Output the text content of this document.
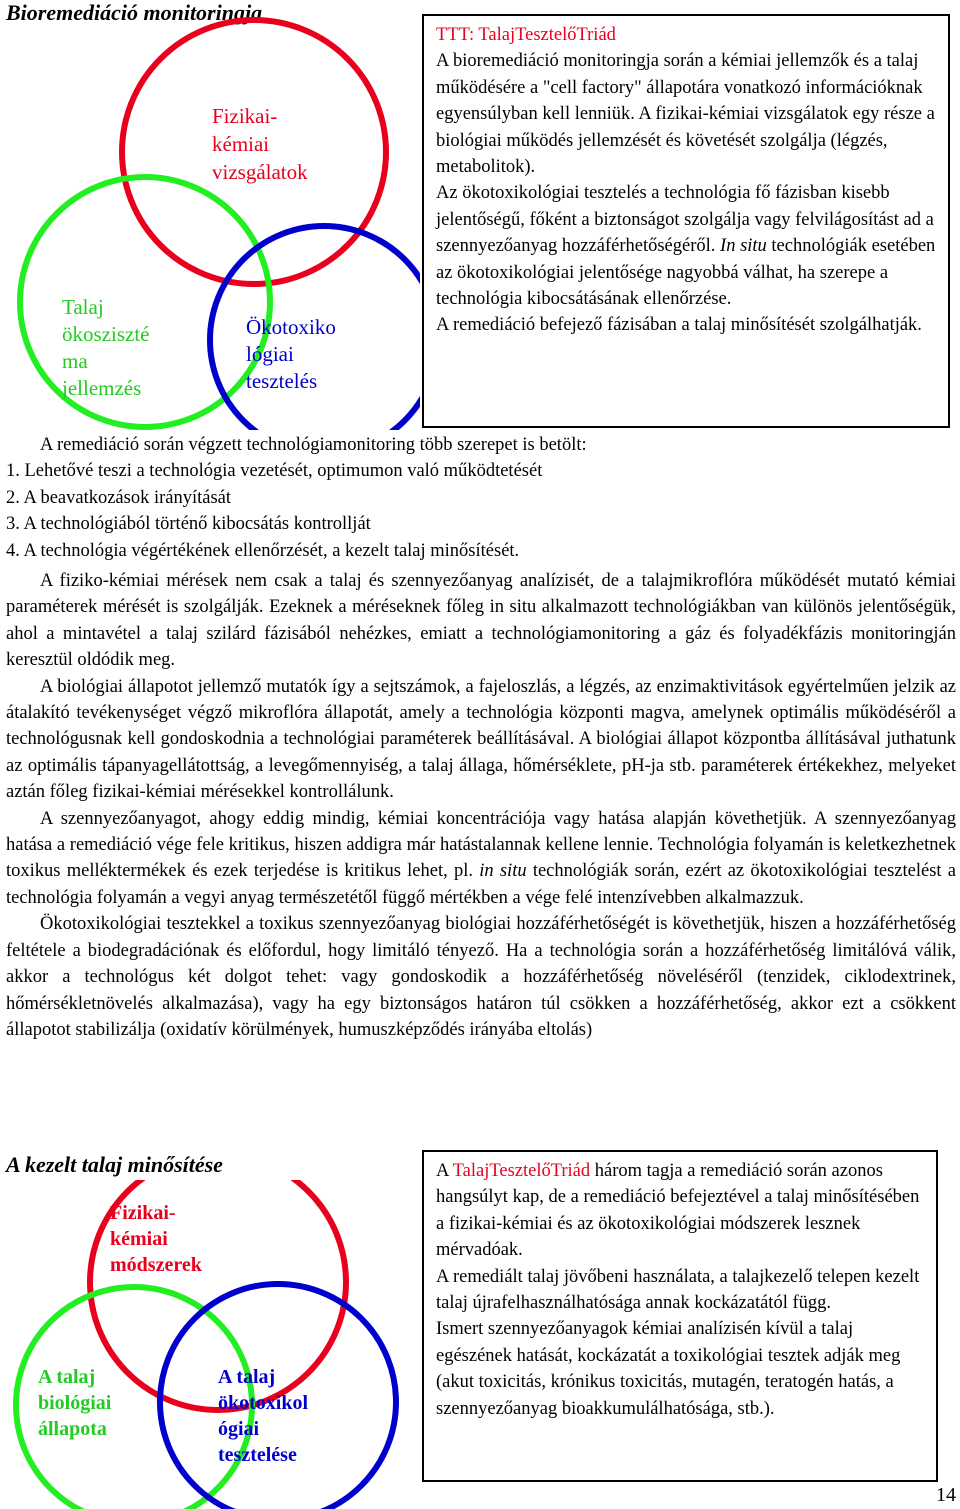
Bioremediáció monitoringja
Fizikai-
kémiai
vizsgálatok
Talaj
ökoszisztéma
jellemzés
Ökotoxikológiai
tesztelés
TTT: TalajTesztelőTriád
A bioremediáció monitoringja során a kémiai jellemzők és a talaj működésére a "cell factory" állapotára vonatkozó információknak egyensúlyban kell lenniük. A fizikai-kémiai vizsgálatok egy része a biológiai működés jellemzését és követését szolgálja (légzés, metabolitok).
Az ökotoxikológiai tesztelés a technológia fő fázisban kisebb jelentőségű, főként a biztonságot szolgálja vagy felvilágosítást ad a szennyezőanyag hozzáférhetőségéről. In situ technológiák esetében az ökotoxikológiai jelentősége nagyobbá válhat, ha szerepe a technológia kibocsátásának ellenőrzése.
A remediáció befejező fázisában a talaj minősítését szolgálhatják.
A remediáció során végzett technológiamonitoring több szerepet is betölt:
1. Lehetővé teszi a technológia vezetését, optimumon való működtetését
2. A beavatkozások irányítását
3. A technológiából történő kibocsátás kontrollját
4. A technológia végértékének ellenőrzését, a kezelt talaj minősítését.

A fiziko-kémiai mérések nem csak a talaj és szennyezőanyag analízisét, de a talajmikroflóra működését mutató kémiai paraméterek mérését is szolgálják. Ezeknek a méréseknek főleg in situ alkalmazott technológiákban van különös jelentőségük, ahol a mintavétel a talaj szilárd fázisából nehézkes, emiatt a technológiamonitoring a gáz és folyadékfázis monitoringján keresztül oldódik meg.

A biológiai állapotot jellemző mutatók így a sejtszámok, a fajeloszlás, a légzés, az enzimaktivitások egyértelműen jelzik az átalakító tevékenységet végző mikroflóra állapotát, amely a technológia központi magva, amelynek optimális működéséről a technológusnak kell gondoskodnia a technológiai paraméterek beállításával. A biológiai állapot központba állításával juthatunk az optimális tápanyagellátottság, a levegőmennyiség, a talaj állaga, hőmérséklete, pH-ja stb. paraméterek értékekhez, melyeket aztán főleg fizikai-kémiai mérésekkel kontrollálunk.

A szennyezőanyagot, ahogy eddig mindig, kémiai koncentrációja vagy hatása alapján követhetjük. A szennyezőanyag hatása a remediáció vége fele kritikus, hiszen addigra már hatástalannak kellene lennie. Technológia folyamán is keletkezhetnek toxikus melléktermékek és ezek terjedése is kritikus lehet, pl. in situ technológiák során, ezért az ökotoxikológiai tesztelést a technológia folyamán a vegyi anyag természetétől függő mértékben a vége felé intenzívebben alkalmazzuk.

Ökotoxikológiai tesztekkel a toxikus szennyezőanyag biológiai hozzáférhetőségét is követhetjük, hiszen a hozzáférhetőség feltétele a biodegradációnak és előfordul, hogy limitáló tényező. Ha a technológia során a hozzáférhetőség limitálóvá válik, akkor a technológus két dolgot tehet: vagy gondoskodik a hozzáférhetőség növeléséről (tenzidek, ciklodextrinek, hőmérsékletnövelés alkalmazása), vagy ha egy biztonságos határon túl csökken a hozzáférhetőség, akkor ezt a csökkent állapotot stabilizálja (oxidatív körülmények, humuszképződés irányába eltolás)

A kezelt talaj minősítése
Fizikai-
kémiai
módszerek
A talaj
biológiai
állapota
A talaj
ökotoxikol
ógiai
tesztelése
A TalajTesztelőTriád három tagja a remediáció során azonos hangsúlyt kap, de a remediáció befejeztével a talaj minősítésében a fizikai-kémiai és az ökotoxikológiai módszerek lesznek mérvadóak.
A remediált talaj jövőbeni használata, a talajkezelő telepen kezelt talaj újrafelhasználhatósága annak kockázatától függ.
Ismert szennyezőanyagok kémiai analízisén kívül a talaj egészének hatását, kockázatát a toxikológiai tesztek adják meg (akut toxicitás, krónikus toxicitás, mutagén, teratogén hatás, a szennyezőanyag bioakkumulálhatósága, stb.).
14
